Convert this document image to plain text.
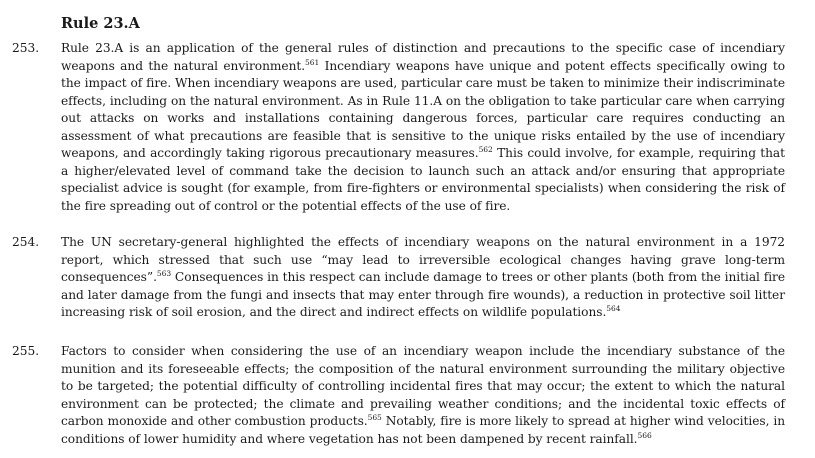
Rule 23.A
253. Rule 23.A is an application of the general rules of distinction and precautions to the specific case of incendiary weapons and the natural environment.$^{561}$ Incendiary weapons have unique and potent effects specifically owing to the impact of fire. When incendiary weapons are used, particular care must be taken to minimize their indiscriminate effects, including on the natural environment. As in Rule 11.A on the obligation to take particular care when carrying out attacks on works and installations containing dangerous forces, particular care requires conducting an assessment of what precautions are feasible that is sensitive to the unique risks entailed by the use of incendiary weapons, and accordingly taking rigorous precautionary measures.$^{562}$ This could involve, for example, requiring that a higher/elevated level of command take the decision to launch such an attack and/or ensuring that appropriate specialist advice is sought (for example, from fire-fighters or environmental specialists) when considering the risk of the fire spreading out of control or the potential effects of the use of fire.
254. The UN secretary-general highlighted the effects of incendiary weapons on the natural environment in a 1972 report, which stressed that such use “may lead to irreversible ecological changes having grave long-term consequences”.$^{563}$ Consequences in this respect can include damage to trees or other plants (both from the initial fire and later damage from the fungi and insects that may enter through fire wounds), a reduction in protective soil litter increasing risk of soil erosion, and the direct and indirect effects on wildlife populations.$^{564}$
255. Factors to consider when considering the use of an incendiary weapon include the incendiary substance of the munition and its foreseeable effects; the composition of the natural environment surrounding the military objective to be targeted; the potential difficulty of controlling incidental fires that may occur; the extent to which the natural environment can be protected; the climate and prevailing weather conditions; and the incidental toxic effects of carbon monoxide and other combustion products.$^{565}$ Notably, fire is more likely to spread at higher wind velocities, in conditions of lower humidity and where vegetation has not been dampened by recent rainfall.$^{566}$
